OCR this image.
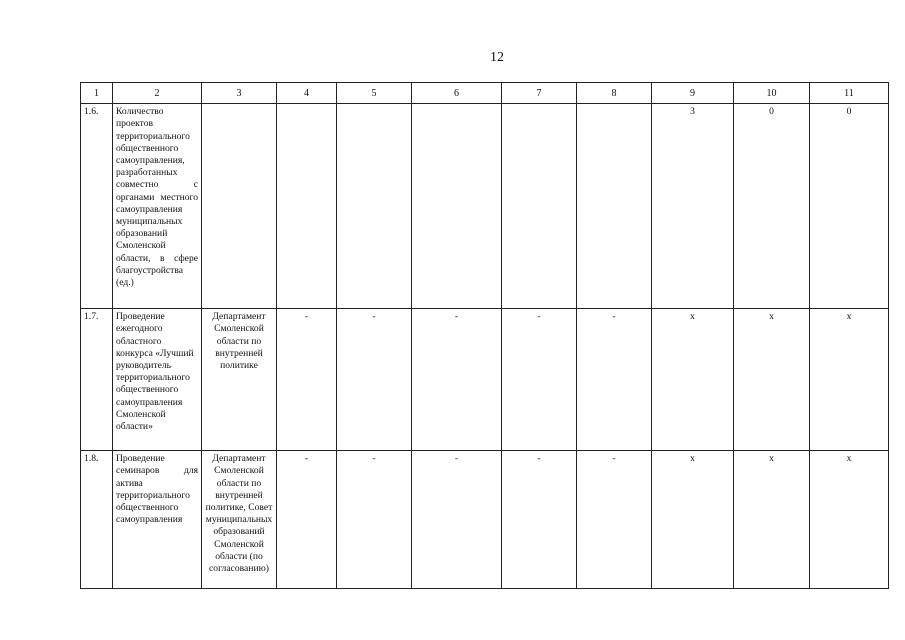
12
1	2	3	4	5	6	7	8	9	10	11
1.6.	Количество проектов территориального общественного самоуправления, разработанных совместно с органами местного самоуправления муниципальных образований Смоленской области, в сфере благоустройства (ед.)							3	0	0
1.7.	Проведение ежегодного областного конкурса «Лучший руководитель территориального общественного самоуправления Смоленской области»	Департамент Смоленской области по внутренней политике	-	-	-	-	-	х	х	х
1.8.	Проведение семинаров для актива территориального общественного самоуправления	Департамент Смоленской области по внутренней политике, Совет муниципальных образований Смоленской области (по согласованию)	-	-	-	-	-	х	х	х
